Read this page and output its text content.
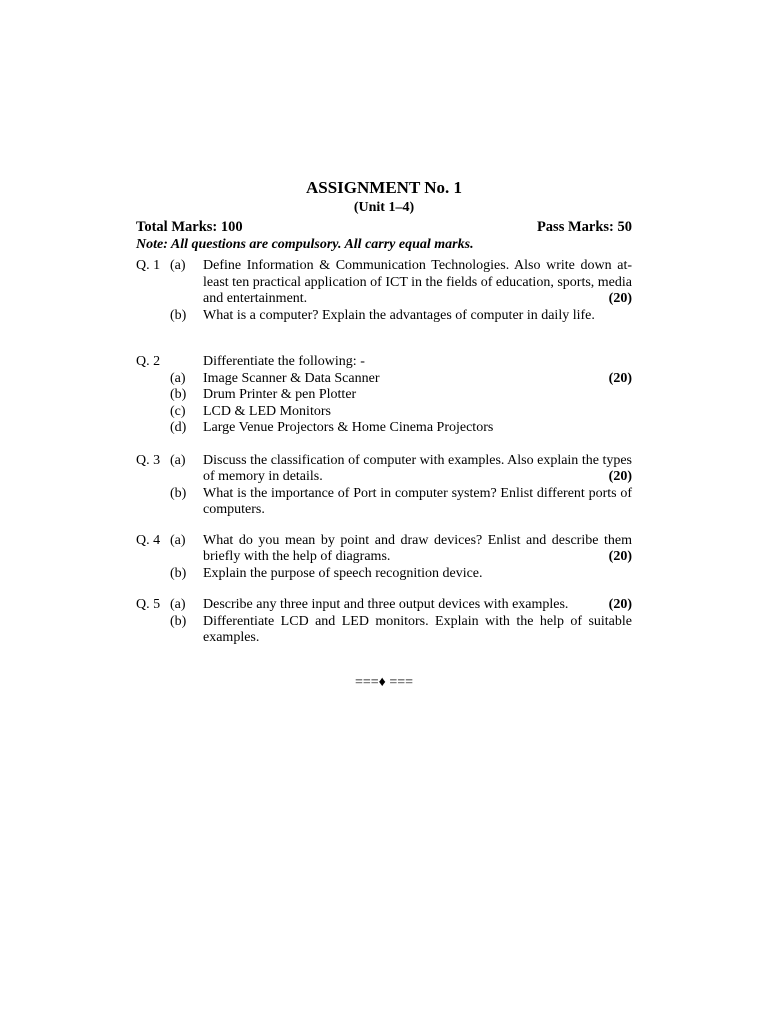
ASSIGNMENT No. 1
(Unit 1–4)
Total Marks: 100	Pass Marks: 50
Note: All questions are compulsory. All carry equal marks.
Q. 1 (a)	Define Information & Communication Technologies. Also write down at-
least ten practical application of ICT in the fields of education, sports, media
and entertainment.	(20)
(b)	What is a computer? Explain the advantages of computer in daily life.
Q. 2	Differentiate the following: -
(a)	Image Scanner & Data Scanner	(20)
(b)	Drum Printer & pen Plotter
(c)	LCD & LED Monitors
(d)	Large Venue Projectors & Home Cinema Projectors
Q. 3 (a)	Discuss the classification of computer with examples. Also explain the types
of memory in details.	(20)
(b)	What is the importance of Port in computer system? Enlist different ports of
computers.
Q. 4 (a)	What do you mean by point and draw devices? Enlist and describe them
briefly with the help of diagrams.	(20)
(b)	Explain the purpose of speech recognition device.
Q. 5 (a)	Describe any three input and three output devices with examples.	(20)
(b)	Differentiate LCD and LED monitors. Explain with the help of suitable
examples.
===♦ ===
